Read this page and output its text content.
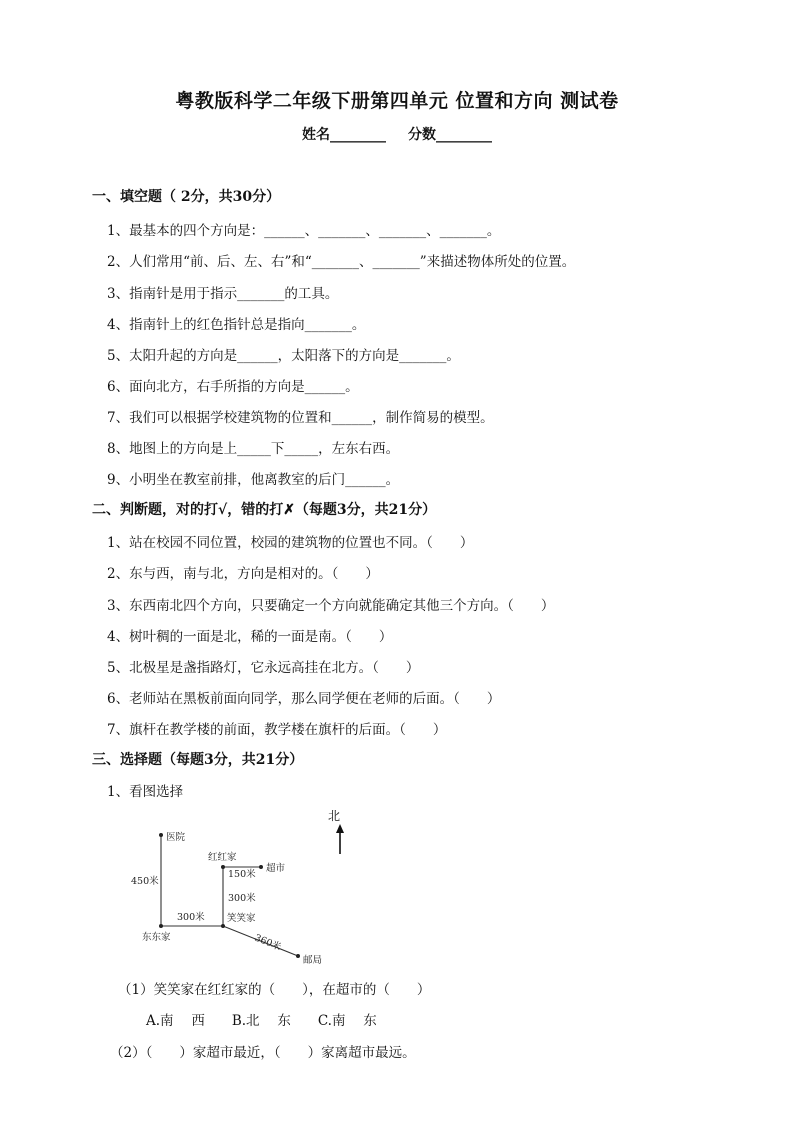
粤教版科学二年级下册第四单元 位置和方向 测试卷
姓名________ 分数________
一、填空题（ 2分，共30分）
1、最基本的四个方向是：______、_______、_______、_______。
2、人们常用“前、后、左、右”和“_______、_______”来描述物体所处的位置。
3、指南针是用于指示_______的工具。
4、指南针上的红色指针总是指向_______。
5、太阳升起的方向是______，太阳落下的方向是_______。
6、面向北方，右手所指的方向是______。
7、我们可以根据学校建筑物的位置和______，制作简易的模型。
8、地图上的方向是上_____下_____，左东右西。
9、小明坐在教室前排，他离教室的后门______。
二、判断题，对的打√，错的打✗（每题3分，共21分）
1、站在校园不同位置，校园的建筑物的位置也不同。（　　）
2、东与西，南与北，方向是相对的。（　　）
3、东西南北四个方向，只要确定一个方向就能确定其他三个方向。（　　）
4、树叶稠的一面是北，稀的一面是南。（　　）
5、北极星是盏指路灯，它永远高挂在北方。（　　）
6、老师站在黑板前面向同学，那么同学便在老师的后面。（　　）
7、旗杆在教学楼的前面，教学楼在旗杆的后面。（　　）
三、选择题（每题3分，共21分）
1、看图选择
医院
450米
红红家
超市
150米
300米
300米 笑笑家
东东家	360米
邮局
北
（1）笑笑家在红红家的（　　），在超市的（　　）
A.南　 西　　B.北　 东　　C.南　 东
（2）（　　）家超市最近，（　　）家离超市最远。
